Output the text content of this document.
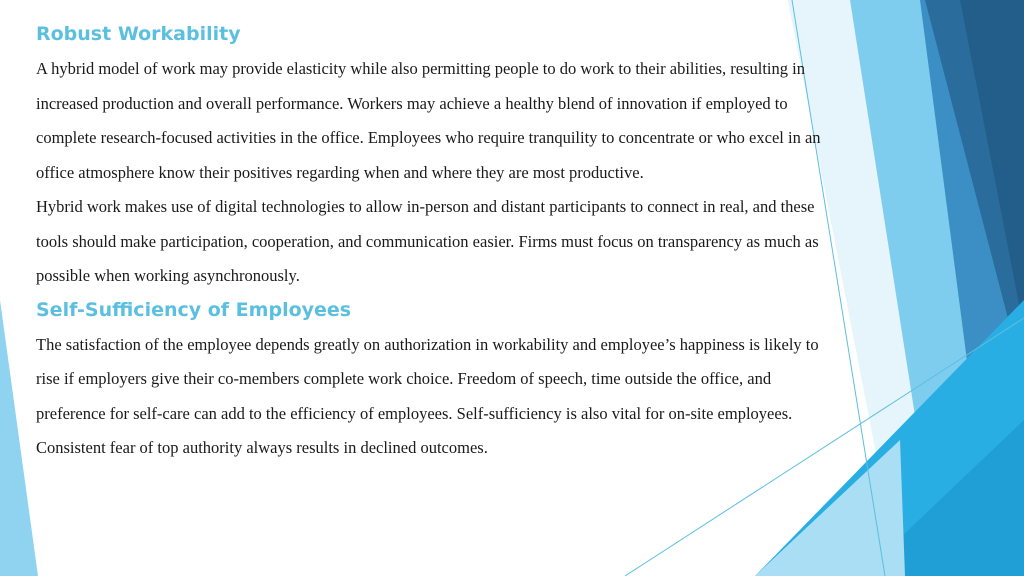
Robust Workability

A hybrid model of work may provide elasticity while also permitting people to do work to their abilities, resulting in increased production and overall performance. Workers may achieve a healthy blend of innovation if employed to complete research-focused activities in the office. Employees who require tranquility to concentrate or who excel in an office atmosphere know their positives regarding when and where they are most productive.

Hybrid work makes use of digital technologies to allow in-person and distant participants to connect in real, and these tools should make participation, cooperation, and communication easier. Firms must focus on transparency as much as possible when working asynchronously.

Self-Sufficiency of Employees

The satisfaction of the employee depends greatly on authorization in workability and employee’s happiness is likely to rise if employers give their co-members complete work choice. Freedom of speech, time outside the office, and preference for self-care can add to the efficiency of employees. Self-sufficiency is also vital for on-site employees. Consistent fear of top authority always results in declined outcomes.
